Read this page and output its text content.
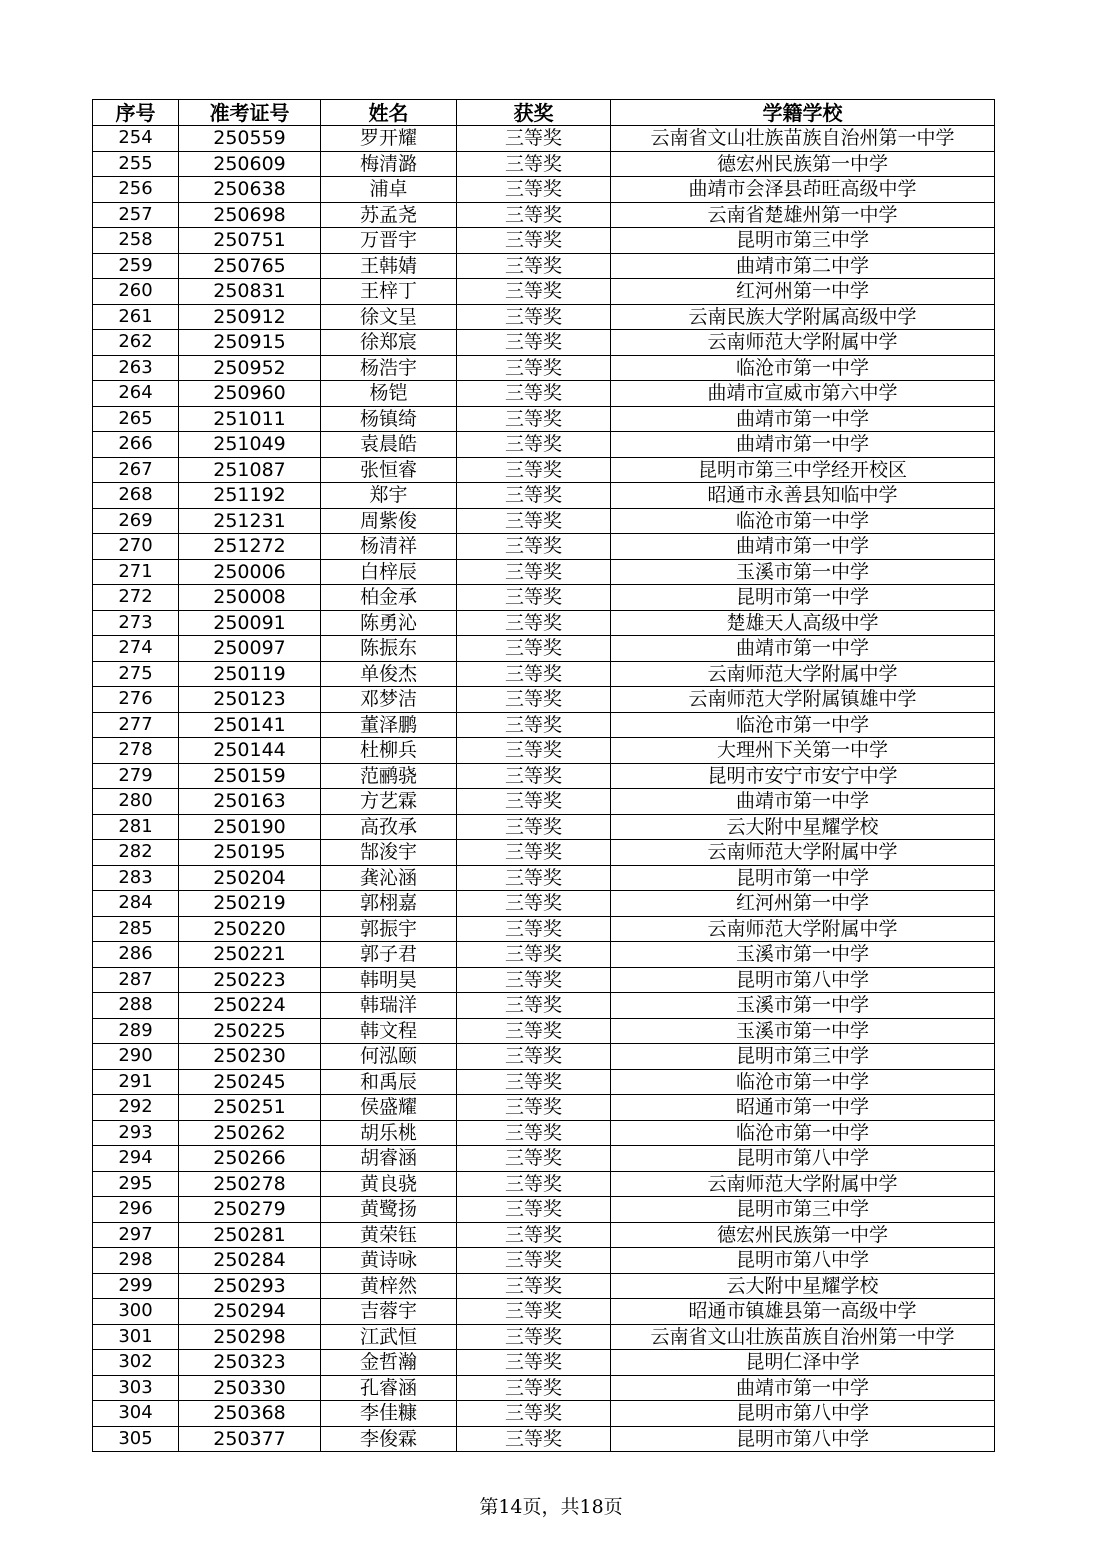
序号	准考证号	姓名	获奖	学籍学校
254	250559	罗开耀	三等奖	云南省文山壮族苗族自治州第一中学
255	250609	梅清潞	三等奖	德宏州民族第一中学
256	250638	浦卓	三等奖	曲靖市会泽县茚旺高级中学
257	250698	苏孟尧	三等奖	云南省楚雄州第一中学
258	250751	万晋宇	三等奖	昆明市第三中学
259	250765	王韩婧	三等奖	曲靖市第二中学
260	250831	王梓丁	三等奖	红河州第一中学
261	250912	徐文呈	三等奖	云南民族大学附属高级中学
262	250915	徐郑宸	三等奖	云南师范大学附属中学
263	250952	杨浩宇	三等奖	临沧市第一中学
264	250960	杨铠	三等奖	曲靖市宣威市第六中学
265	251011	杨镇绮	三等奖	曲靖市第一中学
266	251049	袁晨皓	三等奖	曲靖市第一中学
267	251087	张恒睿	三等奖	昆明市第三中学经开校区
268	251192	郑宇	三等奖	昭通市永善县知临中学
269	251231	周紫俊	三等奖	临沧市第一中学
270	251272	杨清祥	三等奖	曲靖市第一中学
271	250006	白梓辰	三等奖	玉溪市第一中学
272	250008	柏金承	三等奖	昆明市第一中学
273	250091	陈勇沁	三等奖	楚雄天人高级中学
274	250097	陈振东	三等奖	曲靖市第一中学
275	250119	单俊杰	三等奖	云南师范大学附属中学
276	250123	邓梦洁	三等奖	云南师范大学附属镇雄中学
277	250141	董泽鹏	三等奖	临沧市第一中学
278	250144	杜柳兵	三等奖	大理州下关第一中学
279	250159	范鹂骁	三等奖	昆明市安宁市安宁中学
280	250163	方艺霖	三等奖	曲靖市第一中学
281	250190	高孜承	三等奖	云大附中星耀学校
282	250195	郜浚宇	三等奖	云南师范大学附属中学
283	250204	龚沁涵	三等奖	昆明市第一中学
284	250219	郭栩嘉	三等奖	红河州第一中学
285	250220	郭振宇	三等奖	云南师范大学附属中学
286	250221	郭子君	三等奖	玉溪市第一中学
287	250223	韩明昊	三等奖	昆明市第八中学
288	250224	韩瑞洋	三等奖	玉溪市第一中学
289	250225	韩文程	三等奖	玉溪市第一中学
290	250230	何泓颐	三等奖	昆明市第三中学
291	250245	和禹辰	三等奖	临沧市第一中学
292	250251	侯盛耀	三等奖	昭通市第一中学
293	250262	胡乐桃	三等奖	临沧市第一中学
294	250266	胡睿涵	三等奖	昆明市第八中学
295	250278	黄良骁	三等奖	云南师范大学附属中学
296	250279	黄鹭扬	三等奖	昆明市第三中学
297	250281	黄荣钰	三等奖	德宏州民族第一中学
298	250284	黄诗咏	三等奖	昆明市第八中学
299	250293	黄梓然	三等奖	云大附中星耀学校
300	250294	吉蓉宇	三等奖	昭通市镇雄县第一高级中学
301	250298	江武恒	三等奖	云南省文山壮族苗族自治州第一中学
302	250323	金哲瀚	三等奖	昆明仁泽中学
303	250330	孔睿涵	三等奖	曲靖市第一中学
304	250368	李佳糠	三等奖	昆明市第八中学
305	250377	李俊霖	三等奖	昆明市第八中学
第14页，共18页
